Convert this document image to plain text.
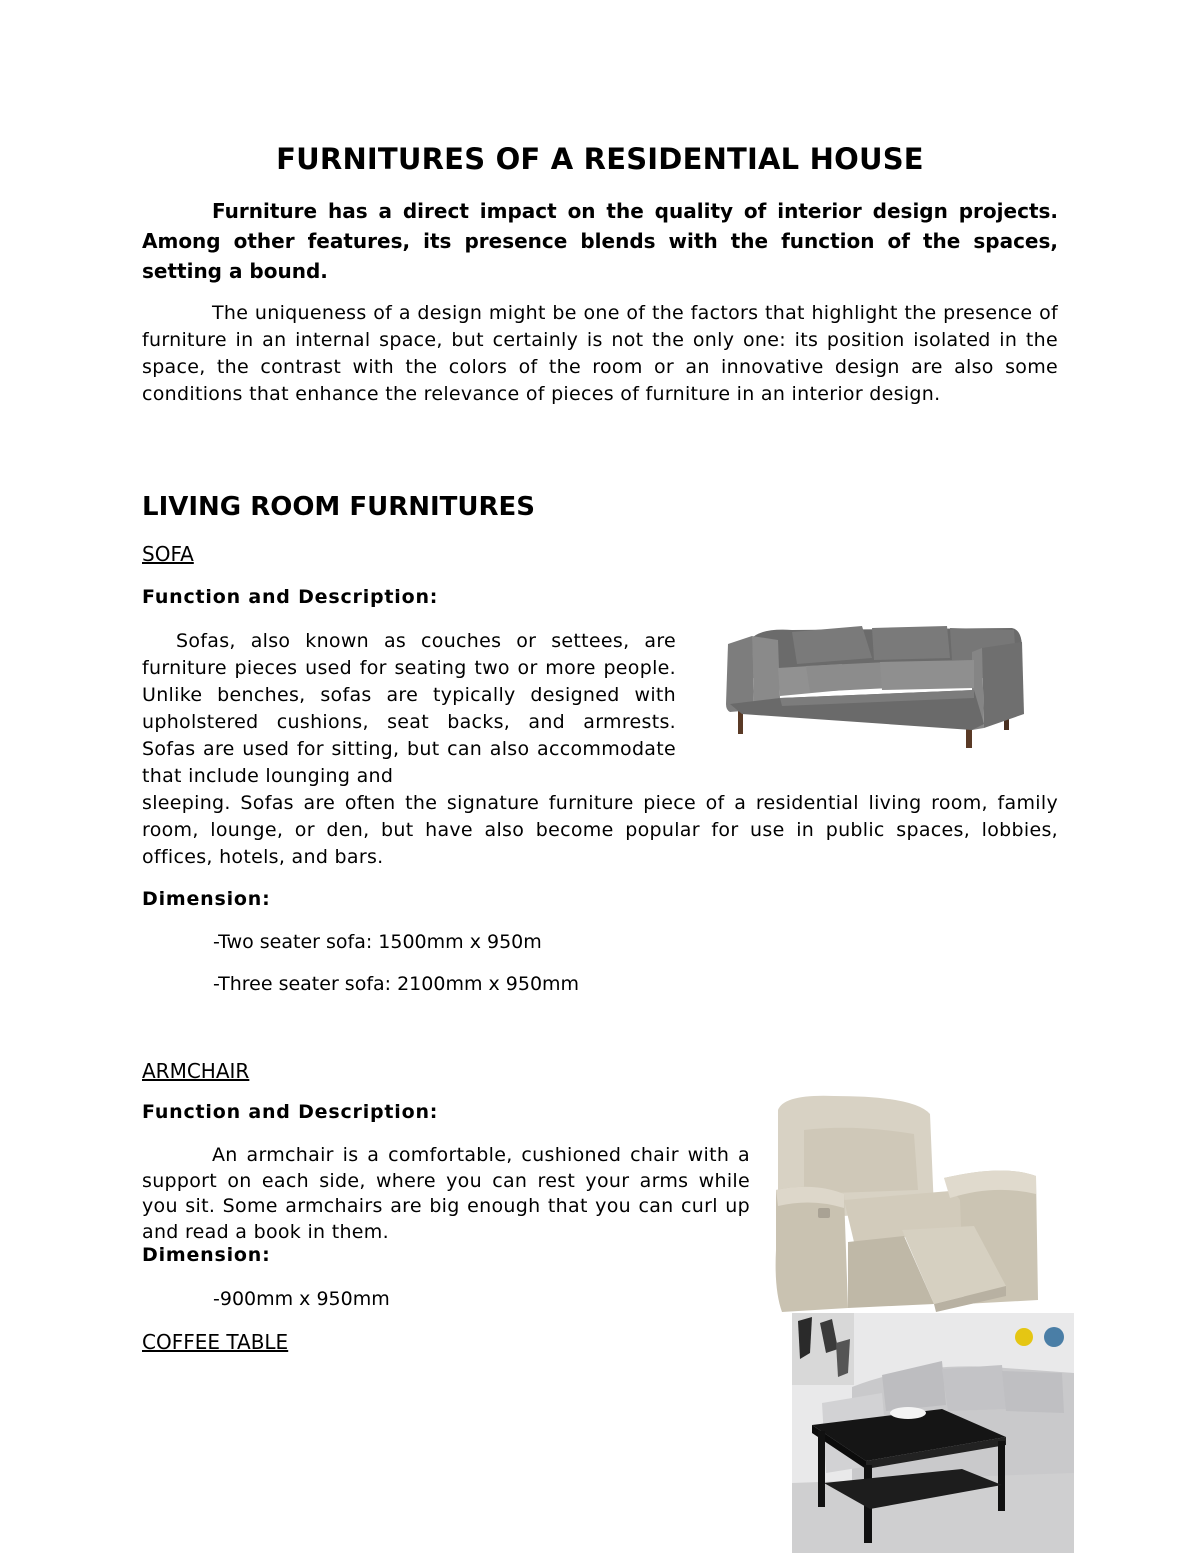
FURNITURES OF A RESIDENTIAL HOUSE
Furniture has a direct impact on the quality of interior design projects. Among other features, its presence blends with the function of the spaces, setting a bound.
The uniqueness of a design might be one of the factors that highlight the presence of furniture in an internal space, but certainly is not the only one: its position isolated in the space, the contrast with the colors of the room or an innovative design are also some conditions that enhance the relevance of pieces of furniture in an interior design.
LIVING ROOM FURNITURES
SOFA
Function and Description:
Sofas, also known as couches or settees, are furniture pieces used for seating two or more people. Unlike benches, sofas are typically designed with upholstered cushions, seat backs, and armrests. Sofas are used for sitting, but can also accommodate that include lounging and
sleeping. Sofas are often the signature furniture piece of a residential living room, family room, lounge, or den, but have also become popular for use in public spaces, lobbies, offices, hotels, and bars.
Dimension:
-Two seater sofa: 1500mm x 950m
-Three seater sofa: 2100mm x 950mm
ARMCHAIR
Function and Description:
An armchair is a comfortable, cushioned chair with a support on each side, where you can rest your arms while you sit. Some armchairs are big enough that you can curl up and read a book in them.
Dimension:
-900mm x 950mm
COFFEE TABLE
